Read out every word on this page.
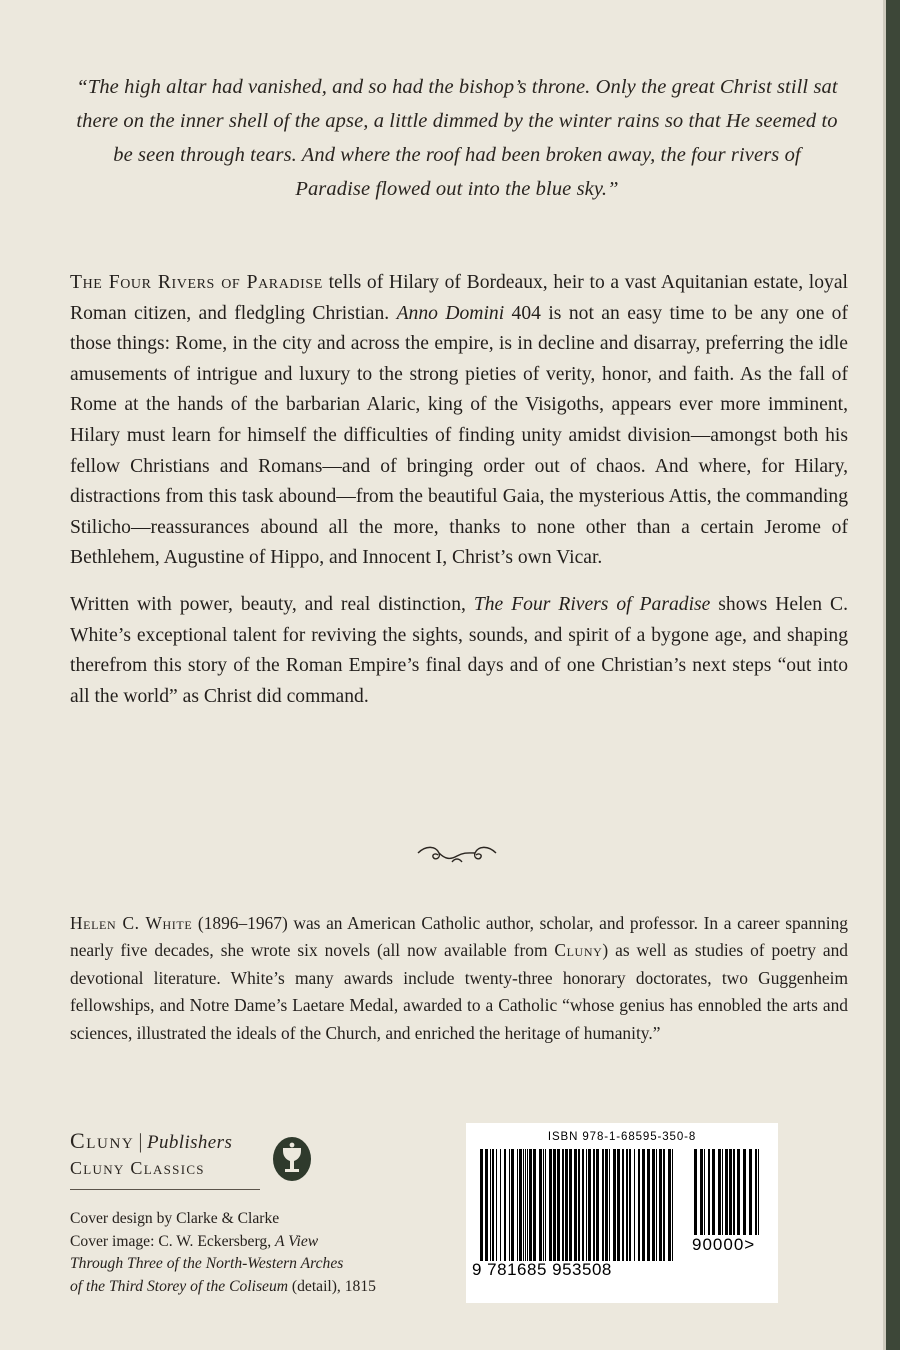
“The high altar had vanished, and so had the bishop’s throne. Only the great Christ still sat there on the inner shell of the apse, a little dimmed by the winter rains so that He seemed to be seen through tears. And where the roof had been broken away, the four rivers of Paradise flowed out into the blue sky.”

The Four Rivers of Paradise tells of Hilary of Bordeaux, heir to a vast Aquitanian estate, loyal Roman citizen, and fledgling Christian. Anno Domini 404 is not an easy time to be any one of those things: Rome, in the city and across the empire, is in decline and disarray, preferring the idle amusements of intrigue and luxury to the strong pieties of verity, honor, and faith. As the fall of Rome at the hands of the barbarian Alaric, king of the Visigoths, appears ever more imminent, Hilary must learn for himself the difficulties of finding unity amidst division—amongst both his fellow Christians and Romans—and of bringing order out of chaos. And where, for Hilary, distractions from this task abound—from the beautiful Gaia, the mysterious Attis, the commanding Stilicho—reassurances abound all the more, thanks to none other than a certain Jerome of Bethlehem, Augustine of Hippo, and Innocent I, Christ’s own Vicar.

Written with power, beauty, and real distinction, The Four Rivers of Paradise shows Helen C. White’s exceptional talent for reviving the sights, sounds, and spirit of a bygone age, and shaping therefrom this story of the Roman Empire’s final days and of one Christian’s next steps “out into all the world” as Christ did command.

Helen C. White (1896–1967) was an American Catholic author, scholar, and professor. In a career spanning nearly five decades, she wrote six novels (all now available from Cluny) as well as studies of poetry and devotional literature. White’s many awards include twenty-three honorary doctorates, two Guggenheim fellowships, and Notre Dame’s Laetare Medal, awarded to a Catholic “whose genius has ennobled the arts and sciences, illustrated the ideals of the Church, and enriched the heritage of humanity.”

Cluny | Publishers
Cluny Classics
Cover design by Clarke & Clarke
Cover image: C. W. Eckersberg, A View
Through Three of the North-Western Arches
of the Third Storey of the Coliseum (detail), 1815
ISBN 978-1-68595-350-8
90000>
9 781685 953508
